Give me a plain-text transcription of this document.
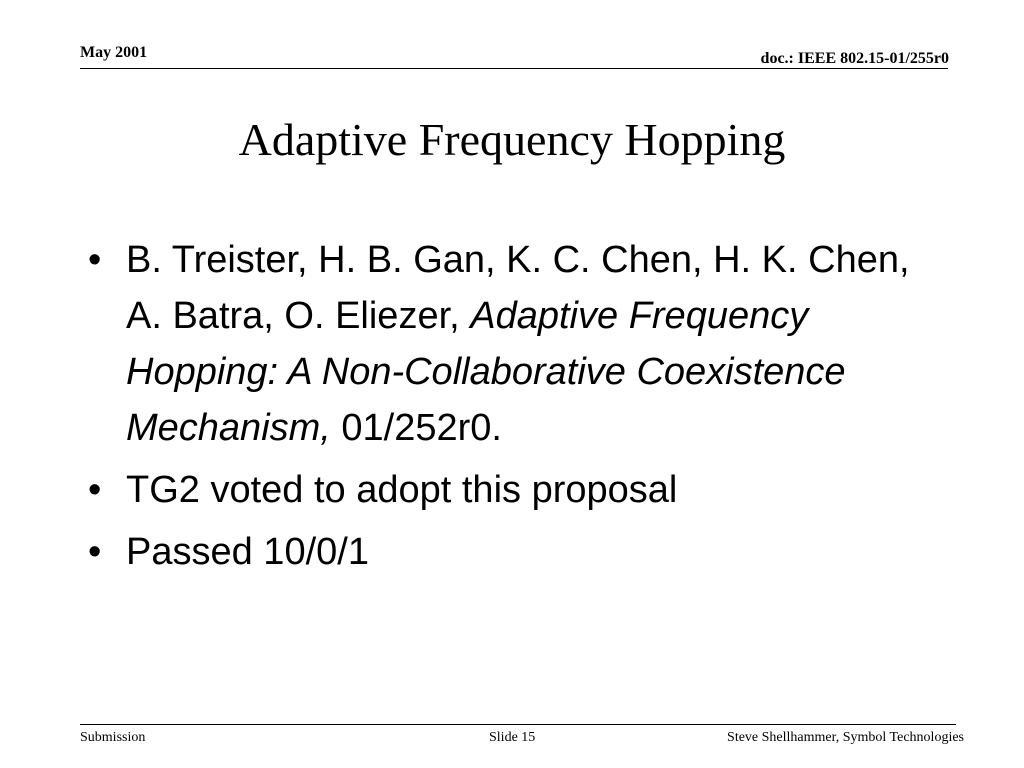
May 2001	doc.: IEEE 802.15-01/255r0
Adaptive Frequency Hopping
• B. Treister, H. B. Gan, K. C. Chen, H. K. Chen, A. Batra, O. Eliezer, Adaptive Frequency Hopping: A Non-Collaborative Coexistence Mechanism, 01/252r0.
• TG2 voted to adopt this proposal
• Passed 10/0/1
Submission	Slide 15	Steve Shellhammer, Symbol Technologies
